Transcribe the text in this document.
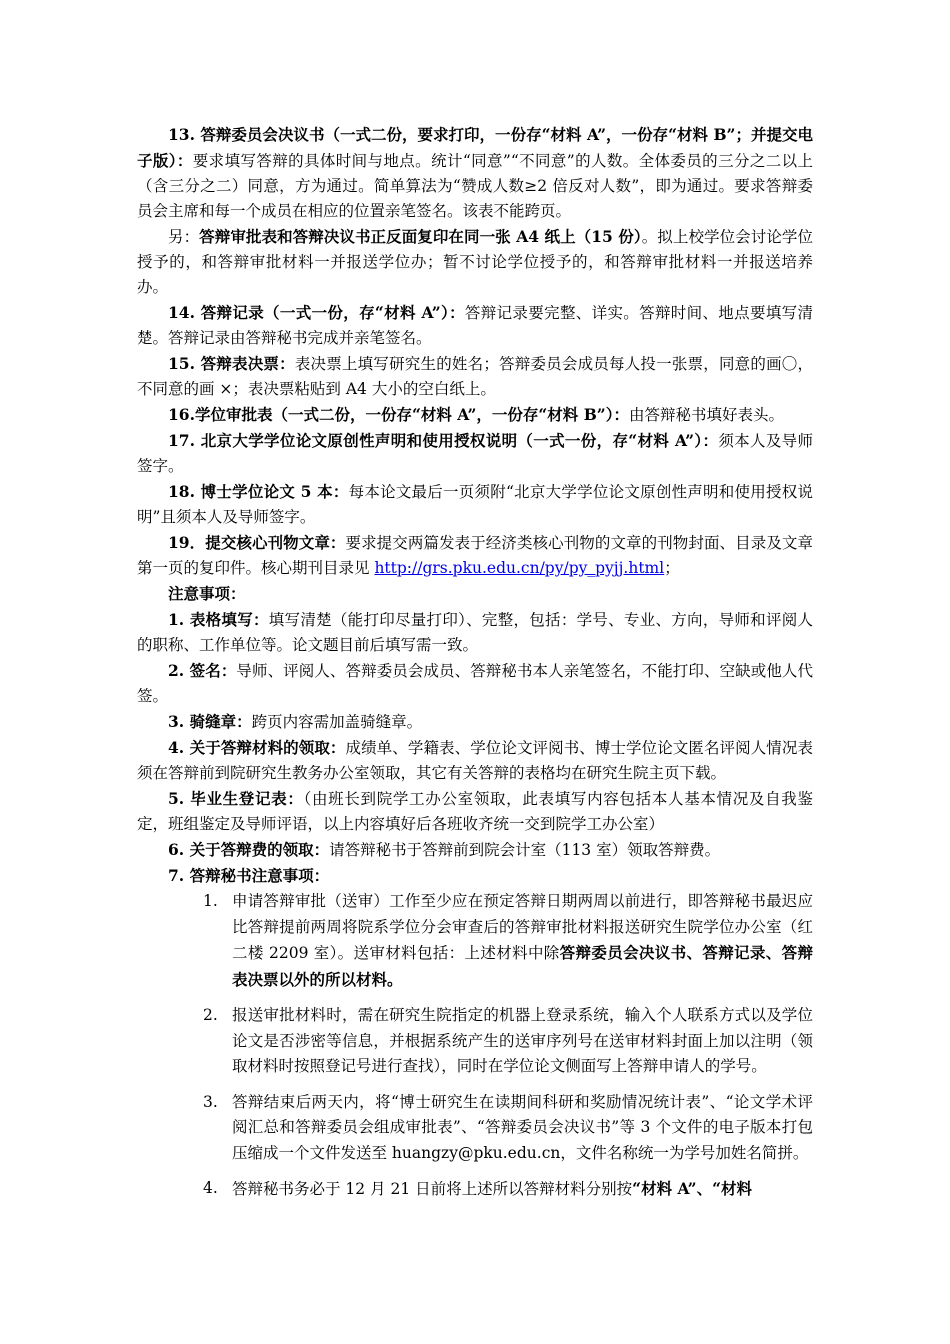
13. 答辩委员会决议书（一式二份，要求打印，一份存“材料 A”，一份存“材料 B”；并提交电子版）：要求填写答辩的具体时间与地点。统计“同意”“不同意”的人数。全体委员的三分之二以上（含三分之二）同意，方为通过。简单算法为“赞成人数≥2 倍反对人数”，即为通过。要求答辩委员会主席和每一个成员在相应的位置亲笔签名。该表不能跨页。

另：答辩审批表和答辩决议书正反面复印在同一张 A4 纸上（15 份）。拟上校学位会讨论学位授予的，和答辩审批材料一并报送学位办；暂不讨论学位授予的，和答辩审批材料一并报送培养办。

14. 答辩记录（一式一份，存“材料 A”）：答辩记录要完整、详实。答辩时间、地点要填写清楚。答辩记录由答辩秘书完成并亲笔签名。

15. 答辩表决票：表决票上填写研究生的姓名；答辩委员会成员每人投一张票，同意的画〇，不同意的画 ×；表决票粘贴到 A4 大小的空白纸上。

16.学位审批表（一式二份，一份存“材料 A”，一份存“材料 B”）：由答辩秘书填好表头。

17. 北京大学学位论文原创性声明和使用授权说明（一式一份，存“材料 A”）：须本人及导师签字。

18. 博士学位论文 5 本：每本论文最后一页须附“北京大学学位论文原创性声明和使用授权说明”且须本人及导师签字。

19．提交核心刊物文章：要求提交两篇发表于经济类核心刊物的文章的刊物封面、目录及文章第一页的复印件。核心期刊目录见 http://grs.pku.edu.cn/py/py_pyjj.html；

注意事项：

1. 表格填写：填写清楚（能打印尽量打印）、完整，包括：学号、专业、方向，导师和评阅人的职称、工作单位等。论文题目前后填写需一致。

2. 签名：导师、评阅人、答辩委员会成员、答辩秘书本人亲笔签名，不能打印、空缺或他人代签。

3. 骑缝章：跨页内容需加盖骑缝章。

4. 关于答辩材料的领取：成绩单、学籍表、学位论文评阅书、博士学位论文匿名评阅人情况表须在答辩前到院研究生教务办公室领取，其它有关答辩的表格均在研究生院主页下载。

5. 毕业生登记表：（由班长到院学工办公室领取，此表填写内容包括本人基本情况及自我鉴定，班组鉴定及导师评语，以上内容填好后各班收齐统一交到院学工办公室）

6. 关于答辩费的领取：请答辩秘书于答辩前到院会计室（113 室）领取答辩费。

7. 答辩秘书注意事项：

1. 申请答辩审批（送审）工作至少应在预定答辩日期两周以前进行，即答辩秘书最迟应比答辩提前两周将院系学位分会审查后的答辩审批材料报送研究生院学位办公室（红二楼 2209 室）。送审材料包括：上述材料中除答辩委员会决议书、答辩记录、答辩表决票以外的所以材料。
2. 报送审批材料时，需在研究生院指定的机器上登录系统，输入个人联系方式以及学位论文是否涉密等信息，并根据系统产生的送审序列号在送审材料封面上加以注明（领取材料时按照登记号进行查找），同时在学位论文侧面写上答辩申请人的学号。
3. 答辩结束后两天内，将“博士研究生在读期间科研和奖励情况统计表”、“论文学术评阅汇总和答辩委员会组成审批表”、“答辩委员会决议书”等 3 个文件的电子版本打包压缩成一个文件发送至 huangzy@pku.edu.cn，文件名称统一为学号加姓名简拼。
4. 答辩秘书务必于 12 月 21 日前将上述所以答辩材料分别按“材料 A”、“材料
